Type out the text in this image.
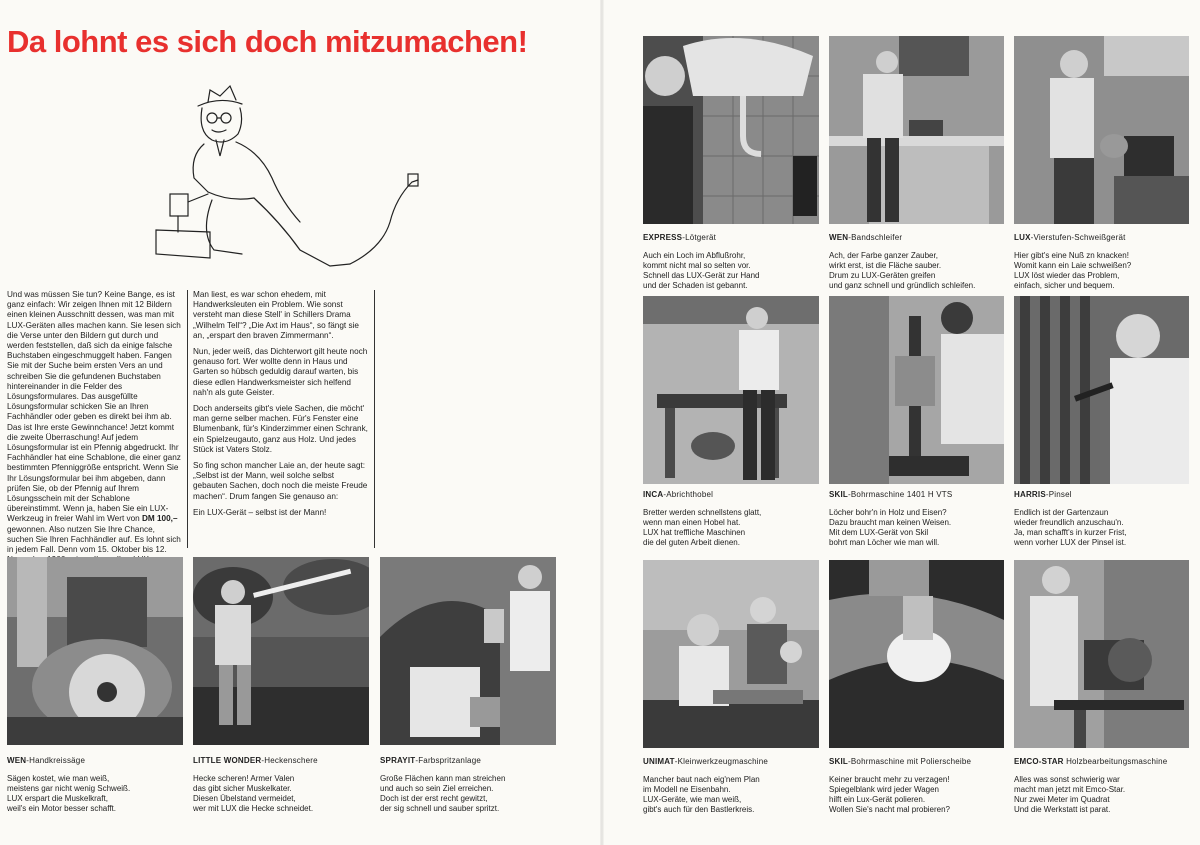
Da lohnt es sich doch mitzumachen!
Und was müssen Sie tun? Keine Bange, es ist ganz einfach: Wir zeigen Ihnen mit 12 Bildern einen kleinen Ausschnitt dessen, was man mit LUX-Geräten alles machen kann. Sie lesen sich die Verse unter den Bildern gut durch und werden feststellen, daß sich da einige falsche Buchstaben eingeschmuggelt haben. Fangen Sie mit der Suche beim ersten Vers an und schreiben Sie die gefundenen Buchstaben hintereinander in die Felder des Lösungsformulares. Das ausgefüllte Lösungsformular schicken Sie an Ihren Fachhändler oder geben es direkt bei ihm ab. Das ist Ihre erste Gewinnchance! Jetzt kommt die zweite Überraschung! Auf jedem Lösungsformular ist ein Pfennig abgedruckt. Ihr Fachhändler hat eine Schablone, die einer ganz bestimmten Pfenniggröße entspricht. Wenn Sie Ihr Lösungsformular bei ihm abgeben, dann prüfen Sie, ob der Pfennig auf Ihrem Lösungsschein mit der Schablone übereinstimmt. Wenn ja, haben Sie ein LUX-Werkzeug in freier Wahl im Wert von DM 100,– gewonnen. Also nutzen Sie Ihre Chance, suchen Sie Ihren Fachhändler auf. Es lohnt sich in jedem Fall. Denn vom 15. Oktober bis 12.

Man liest, es war schon ehedem, mit Handwerksleuten ein Problem. Wie sonst versteht man diese Stell' in Schillers Drama „Wilhelm Tell“? „Die Axt im Haus“, so fängt sie an, „erspart den braven Zimmermann“.

Nun, jeder weiß, das Dichterwort gilt heute noch genauso fort. Wer wollte denn in Haus und Garten so hübsch geduldig darauf warten, bis diese edlen Handwerksmeister sich helfend nah'n als gute Geister.

Doch anderseits gibt's viele Sachen, die möcht' man gerne selber machen. Für's Fenster eine Blumenbank, für's Kinderzimmer einen Schrank, ein Spielzeugauto, ganz aus Holz. Und jedes Stück ist Vaters Stolz.

So fing schon mancher Laie an, der heute sagt: „Selbst ist der Mann, weil solche selbst gebauten Sachen, doch noch die meiste Freude machen“. Drum fangen Sie genauso an:

Ein LUX-Gerät – selbst ist der Mann!

WEN-Handkreissäge
Sägen kostet, wie man weiß,
meistens gar nicht wenig Schweiß.
LUX erspart die Muskelkraft,
weil's ein Motor besser schafft.
LITTLE WONDER-Heckenschere
Hecke scheren! Armer Valen
das gibt sicher Muskelkater.
Diesen Übelstand vermeidet,
wer mit LUX die Hecke schneidet.
SPRAYIT-Farbspritzanlage
Große Flächen kann man streichen
und auch so sein Ziel erreichen.
Doch ist der erst recht gewitzt,
der sig schnell und sauber spritzt.
EXPRESS-Lötgerät
Auch ein Loch im Abflußrohr,
kommt nicht mal so selten vor.
Schnell das LUX-Gerät zur Hand
und der Schaden ist gebannt.
WEN-Bandschleifer
Ach, der Farbe ganzer Zauber,
wirkt erst, ist die Fläche sauber.
Drum zu LUX-Geräten greifen
und ganz schnell und gründlich schleifen.
LUX-Vierstufen-Schweißgerät
Hier gibt's eine Nuß zn knacken!
Womit kann ein Laie schweißen?
LUX löst wieder das Problem,
einfach, sicher und bequem.
INCA-Abrichthobel
Bretter werden schnellstens glatt,
wenn man einen Hobel hat.
LUX hat treffliche Maschinen
die del guten Arbeit dienen.
SKIL-Bohrmaschine 1401 H VTS
Löcher bohr'n in Holz und Eisen?
Dazu braucht man keinen Weisen.
Mit dem LUX-Gerät von Skil
bohrt man Löcher wie man will.
HARRIS-Pinsel
Endlich ist der Gartenzaun
wieder freundlich anzuschau'n.
Ja, man schafft's in kurzer Frist,
wenn vorher LUX der Pinsel ist.
UNIMAT-Kleinwerkzeugmaschine
Mancher baut nach eig'nem Plan
im Modell ne Eisenbahn.
LUX-Geräte, wie man weiß,
gibt's auch für den Bastlerkreis.
SKIL-Bohrmaschine mit Polierscheibe
Keiner braucht mehr zu verzagen!
Spiegelblank wird jeder Wagen
hilft ein Lux-Gerät polieren.
Wollen Sie's nacht mal probieren?
EMCO-STAR Holzbearbeitungsmaschine
Alles was sonst schwierig war
macht man jetzt mit Emco-Star.
Nur zwei Meter im Quadrat
Und die Werkstatt ist parat.
